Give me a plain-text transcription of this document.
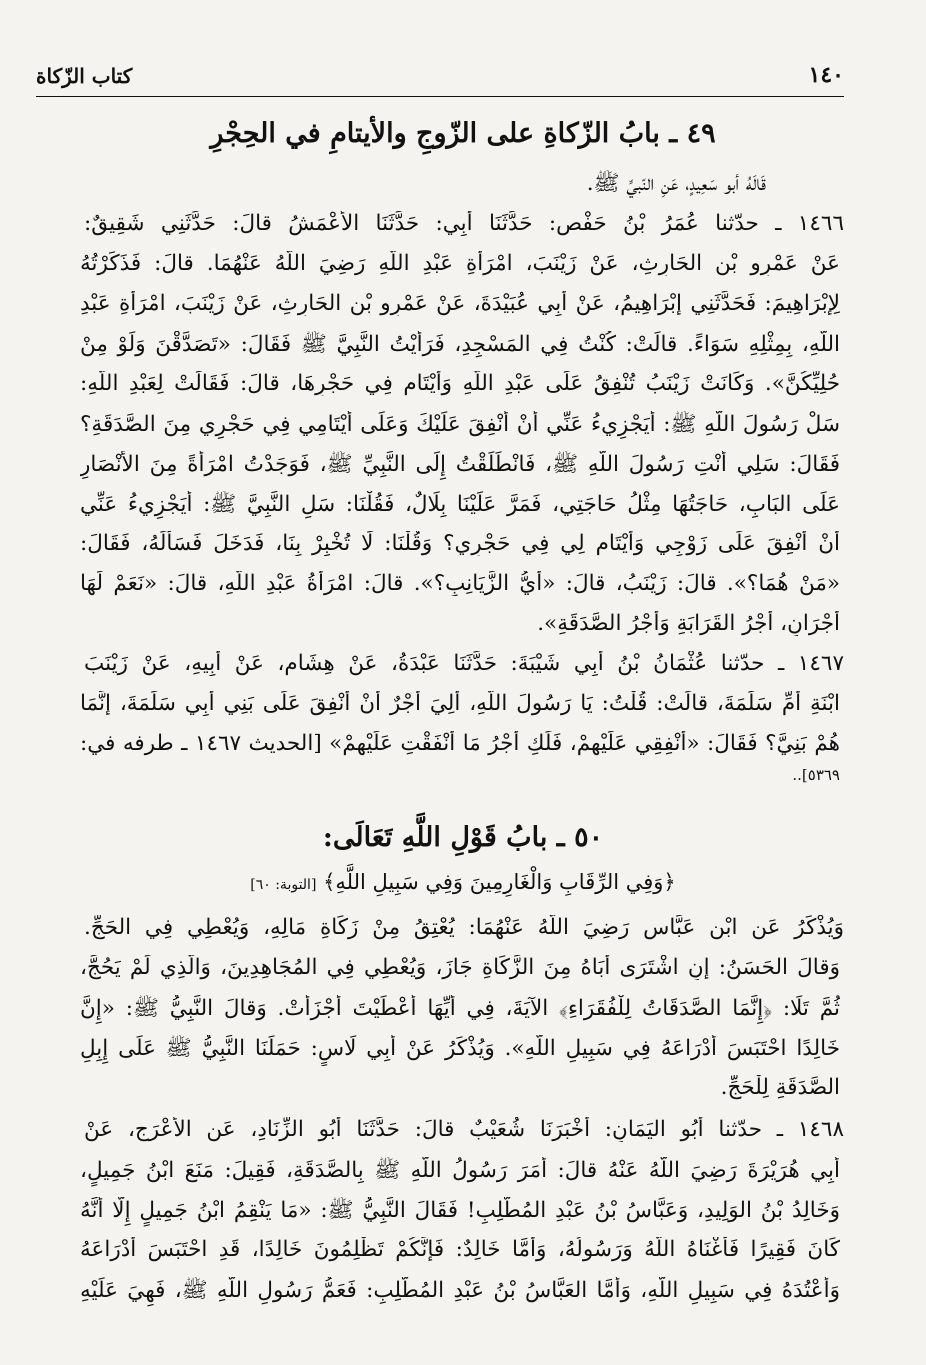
١٤٠
كتاب الزّكاة
٤٩ ـ بابُ الزّكاةِ على الزّوجِ والأيتامِ في الحِجْرِ
قَالَهُ أبو سَعِيدٍ، عَنِ النّبيِّ ﷺ.
١٤٦٦ ـ حدّثنا عُمَرُ بْنُ حَفْصٍ: حَدَّثَنَا أَبِي: حَدَّثَنَا الأَعْمَشُ قالَ: حَدَّثَنِي شَقِيقٌ:
عَنْ عَمْرِو بْنِ الحَارِثِ، عَنْ زَيْنَبَ، امْرَأَةِ عَبْدِ اللَّهِ رَضِيَ اللَّهُ عَنْهُمَا. قالَ: فَذَكَرْتُهُ
لِإِبْرَاهِيمَ: فَحَدَّثَنِي إِبْرَاهِيمُ، عَنْ أَبِي عُبَيْدَةَ، عَنْ عَمْرِو بْنِ الحَارِثِ، عَنْ زَيْنَبَ، امْرَأَةِ عَبْدِ
اللَّهِ، بِمِثْلِهِ سَوَاءً. قالَتْ: كُنْتُ فِي المَسْجِدِ، فَرَأَيْتُ النَّبِيَّ ﷺ فَقَالَ: «تَصَدَّقْنَ وَلَوْ مِنْ
حُلِيِّكُنَّ». وَكَانَتْ زَيْنَبُ تُنْفِقُ عَلَى عَبْدِ اللَّهِ وَأَيْتَامٍ فِي حَجْرِهَا، قالَ: فَقَالَتْ لِعَبْدِ اللَّهِ:
سَلْ رَسُولَ اللَّهِ ﷺ: أَيَجْزِيءُ عَنِّي أَنْ أُنْفِقَ عَلَيْكَ وَعَلَى أَيْتَامِي فِي حَجْرِي مِنَ الصَّدَقَةِ؟
فَقَالَ: سَلِي أَنْتِ رَسُولَ اللَّهِ ﷺ، فَانْطَلَقْتُ إِلَى النَّبِيِّ ﷺ، فَوَجَدْتُ امْرَأَةً مِنَ الأَنْصَارِ
عَلَى البَابِ، حَاجَتُهَا مِثْلُ حَاجَتِي، فَمَرَّ عَلَيْنَا بِلَالٌ، فَقُلْنَا: سَلِ النَّبِيَّ ﷺ: أَيَجْزِيءُ عَنِّي
أَنْ أُنْفِقَ عَلَى زَوْجِي وَأَيْتَامٍ لِي فِي حَجْرِي؟ وَقُلْنَا: لَا تُخْبِرْ بِنَا، فَدَخَلَ فَسَأَلَهُ، فَقَالَ:
«مَنْ هُمَا؟». قالَ: زَيْنَبُ، قالَ: «أَيُّ الزَّيَانِبِ؟». قالَ: امْرَأَةُ عَبْدِ اللَّهِ، قالَ: «نَعَمْ لَهَا
أَجْرَانِ، أَجْرُ القَرَابَةِ وَأَجْرُ الصَّدَقَةِ».
١٤٦٧ ـ حدّثنا عُثْمَانُ بْنُ أَبِي شَيْبَةَ: حَدَّثَنَا عَبْدَةُ، عَنْ هِشَامٍ، عَنْ أَبِيهِ، عَنْ زَيْنَبَ
ابْنَةِ أُمِّ سَلَمَةَ، قالَتْ: قُلْتُ: يَا رَسُولَ اللَّهِ، أَلِيَ أَجْرٌ أَنْ أُنْفِقَ عَلَى بَنِي أَبِي سَلَمَةَ، إِنَّمَا
هُمْ بَنِيَّ؟ فَقَالَ: «أَنْفِقِي عَلَيْهِمْ، فَلَكِ أَجْرُ مَا أَنْفَقْتِ عَلَيْهِمْ» [الحديث ١٤٦٧ ـ طرفه في:
٥٣٦٩]..
٥٠ ـ بابُ قَوْلِ اللَّهِ تَعَالَى:
﴿وَفِي الرِّقَابِ وَالْغَارِمِينَ وَفِي سَبِيلِ اللَّهِ﴾ [التوبة: ٦٠]
وَيُذْكَرُ عَنِ ابْنِ عَبَّاسٍ رَضِيَ اللَّهُ عَنْهُمَا: يُعْتِقُ مِنْ زَكَاةِ مَالِهِ، وَيُعْطِي فِي الحَجِّ.
وَقالَ الحَسَنُ: إِنِ اشْتَرَى أَبَاهُ مِنَ الزَّكَاةِ جَازَ، وَيُعْطِي فِي المُجَاهِدِينَ، وَالَّذِي لَمْ يَحُجَّ،
ثُمَّ تَلَا: ﴿إِنَّمَا الصَّدَقَاتُ لِلْفُقَرَاءِ﴾ الآيَةَ، فِي أَيِّهَا أَعْطَيْتَ أَجْزَأَتْ. وَقالَ النَّبِيُّ ﷺ: «إِنَّ
خَالِدًا احْتَبَسَ أَدْرَاعَهُ فِي سَبِيلِ اللَّهِ». وَيُذْكَرُ عَنْ أَبِي لَاسٍ: حَمَلَنَا النَّبِيُّ ﷺ عَلَى إِبِلِ
الصَّدَقَةِ لِلْحَجِّ.
١٤٦٨ ـ حدّثنا أَبُو اليَمَانِ: أَخْبَرَنَا شُعَيْبٌ قالَ: حَدَّثَنَا أَبُو الزِّنَادِ، عَنِ الأَعْرَجِ، عَنْ
أَبِي هُرَيْرَةَ رَضِيَ اللَّهُ عَنْهُ قالَ: أَمَرَ رَسُولُ اللَّهِ ﷺ بِالصَّدَقَةِ، فَقِيلَ: مَنَعَ ابْنُ جَمِيلٍ،
وَخَالِدُ بْنُ الوَلِيدِ، وَعَبَّاسُ بْنُ عَبْدِ المُطَّلِبِ! فَقَالَ النَّبِيُّ ﷺ: «مَا يَنْقِمُ ابْنُ جَمِيلٍ إِلَّا أَنَّهُ
كَانَ فَقِيرًا فَأَغْنَاهُ اللَّهُ وَرَسُولُهُ، وَأَمَّا خَالِدٌ: فَإِنَّكُمْ تَظْلِمُونَ خَالِدًا، قَدِ احْتَبَسَ أَدْرَاعَهُ
وَأَعْتُدَهُ فِي سَبِيلِ اللَّهِ، وَأَمَّا العَبَّاسُ بْنُ عَبْدِ المُطَّلِبِ: فَعَمُّ رَسُولِ اللَّهِ ﷺ، فَهِيَ عَلَيْهِ
